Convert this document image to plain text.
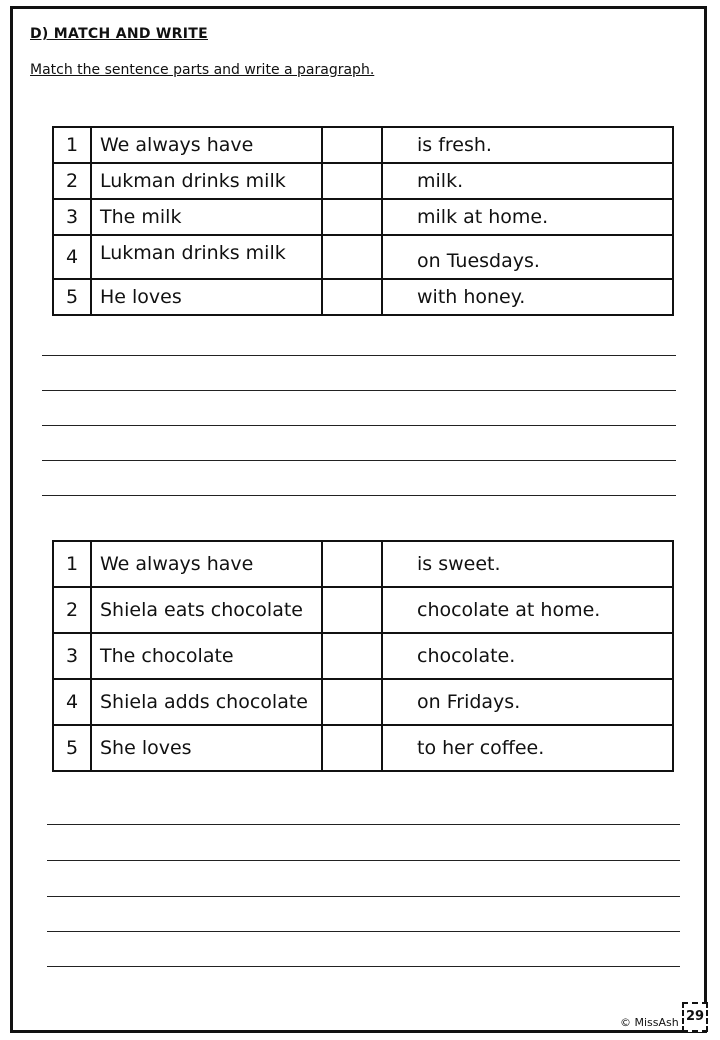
D) MATCH AND WRITE
Match the sentence parts and write a paragraph.
1	We always have		is fresh.
2	Lukman drinks milk		milk.
3	The milk		milk at home.
4	Lukman drinks milk		on Tuesdays.
5	He loves		with honey.
1	We always have		is sweet.
2	Shiela eats chocolate		chocolate at home.
3	The chocolate		chocolate.
4	Shiela adds chocolate		on Fridays.
5	She loves		to her coffee.
© MissAsh 29
